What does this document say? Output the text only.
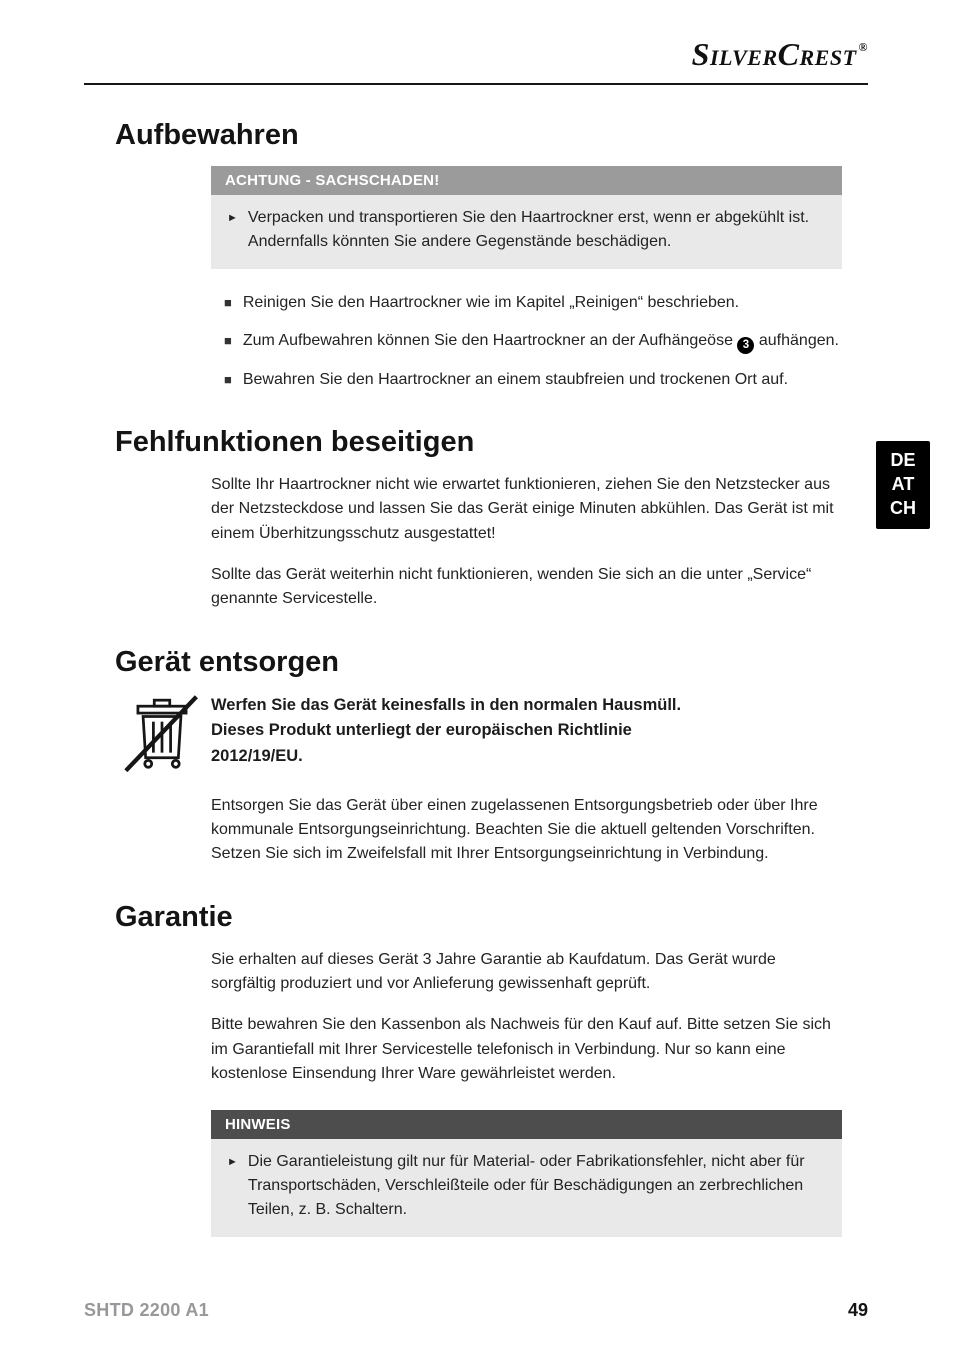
SilverCrest ®
DE
AT
CH
Aufbewahren
ACHTUNG - SACHSCHADEN!
► Verpacken und transportieren Sie den Haartrockner erst, wenn er abgekühlt ist. Andernfalls könnten Sie andere Gegenstände beschädigen.
■ Reinigen Sie den Haartrockner wie im Kapitel „Reinigen“ beschrieben.
■ Zum Aufbewahren können Sie den Haartrockner an der Aufhängeöse 3 aufhängen.
■ Bewahren Sie den Haartrockner an einem staubfreien und trockenen Ort auf.
Fehlfunktionen beseitigen

Sollte Ihr Haartrockner nicht wie erwartet funktionieren, ziehen Sie den Netzstecker aus der Netzsteckdose und lassen Sie das Gerät einige Minuten abkühlen. Das Gerät ist mit einem Überhitzungsschutz ausgestattet!

Sollte das Gerät weiterhin nicht funktionieren, wenden Sie sich an die unter „Service“ genannte Servicestelle.

Gerät entsorgen
Werfen Sie das Gerät keinesfalls in den normalen Hausmüll.
Dieses Produkt unterliegt der europäischen Richtlinie
2012/19/EU.

Entsorgen Sie das Gerät über einen zugelassenen Entsorgungsbetrieb oder über Ihre kommunale Entsorgungseinrichtung. Beachten Sie die aktuell geltenden Vorschriften. Setzen Sie sich im Zweifelsfall mit Ihrer Entsorgungseinrichtung in Verbindung.

Garantie

Sie erhalten auf dieses Gerät 3 Jahre Garantie ab Kaufdatum. Das Gerät wurde sorgfältig produziert und vor Anlieferung gewissenhaft geprüft.

Bitte bewahren Sie den Kassenbon als Nachweis für den Kauf auf. Bitte setzen Sie sich im Garantiefall mit Ihrer Servicestelle telefonisch in Verbindung. Nur so kann eine kostenlose Einsendung Ihrer Ware gewährleistet werden.

HINWEIS
► Die Garantieleistung gilt nur für Material- oder Fabrikationsfehler, nicht aber für Transportschäden, Verschleißteile oder für Beschädigungen an zerbrechlichen Teilen, z. B. Schaltern.
SHTD 2200 A1	49
